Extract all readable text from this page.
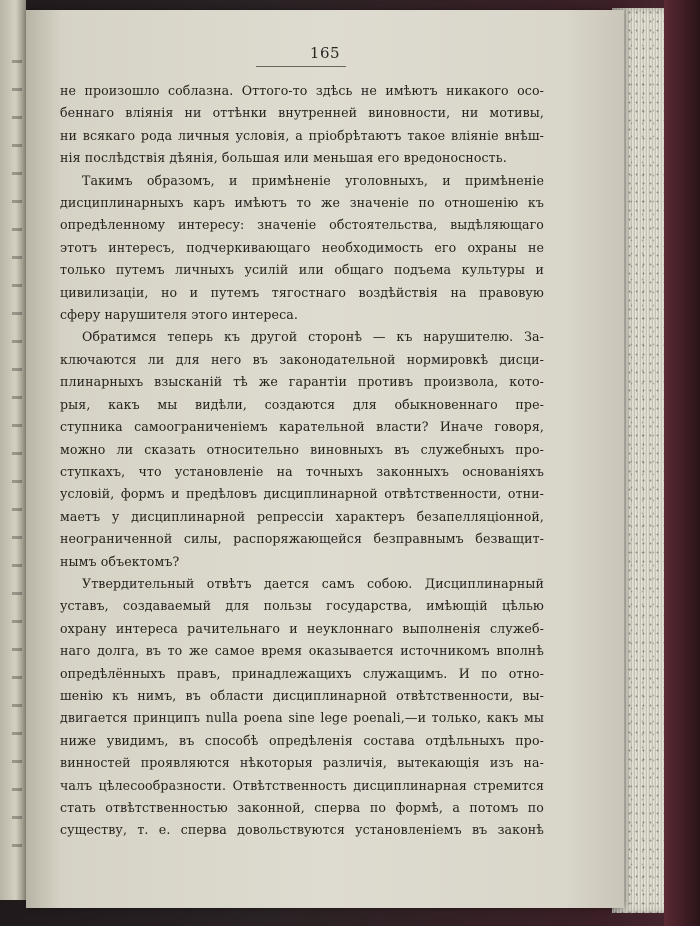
165

не произошло соблазна. Оттого-то здѣсь не имѣютъ никакого осо-
беннаго вліянія ни оттѣнки внутренней виновности, ни мотивы,
ни всякаго рода личныя условія, а пріобрѣтаютъ такое вліяніе внѣш-
нія послѣдствія дѣянія, большая или меньшая его вредоносность.

Такимъ образомъ, и примѣненіе уголовныхъ, и примѣненіе
дисциплинарныхъ каръ имѣютъ то же значеніе по отношенію къ
опредѣленному интересу: значеніе обстоятельства, выдѣляющаго
этотъ интересъ, подчеркивающаго необходимость его охраны не
только путемъ личныхъ усилій или общаго подъема культуры и
цивилизаціи, но и путемъ тягостнаго воздѣйствія на правовую
сферу нарушителя этого интереса.

Обратимся теперь къ другой сторонѣ — къ нарушителю. За-
ключаются ли для него въ законодательной нормировкѣ дисци-
плинарныхъ взысканій тѣ же гарантіи противъ произвола, кото-
рыя, какъ мы видѣли, создаются для обыкновеннаго пре-
ступника самоограниченіемъ карательной власти? Иначе говоря,
можно ли сказать относительно виновныхъ въ служебныхъ про-
ступкахъ, что установленіе на точныхъ законныхъ основаніяхъ
условій, формъ и предѣловъ дисциплинарной отвѣтственности, отни-
маетъ у дисциплинарной репрессіи характеръ безапелляціонной,
неограниченной силы, распоряжающейся безправнымъ безващит-
нымъ объектомъ?

Утвердительный отвѣтъ дается самъ собою. Дисциплинарный
уставъ, создаваемый для пользы государства, имѣющій цѣлью
охрану интереса рачительнаго и неуклоннаго выполненія служеб-
наго долга, въ то же самое время оказывается источникомъ вполнѣ
опредѣлённыхъ правъ, принадлежащихъ служащимъ. И по отно-
шенію къ нимъ, въ области дисциплинарной отвѣтственности, вы-
двигается принципъ nulla poena sine lege poenali,—и только, какъ мы
ниже увидимъ, въ способѣ опредѣленія состава отдѣльныхъ про-
винностей проявляются нѣкоторыя различія, вытекающія изъ на-
чалъ цѣлесообразности. Отвѣтственность дисциплинарная стремится
стать отвѣтственностью законной, сперва по формѣ, а потомъ по
существу, т. е. сперва довольствуются установленіемъ въ законѣ
